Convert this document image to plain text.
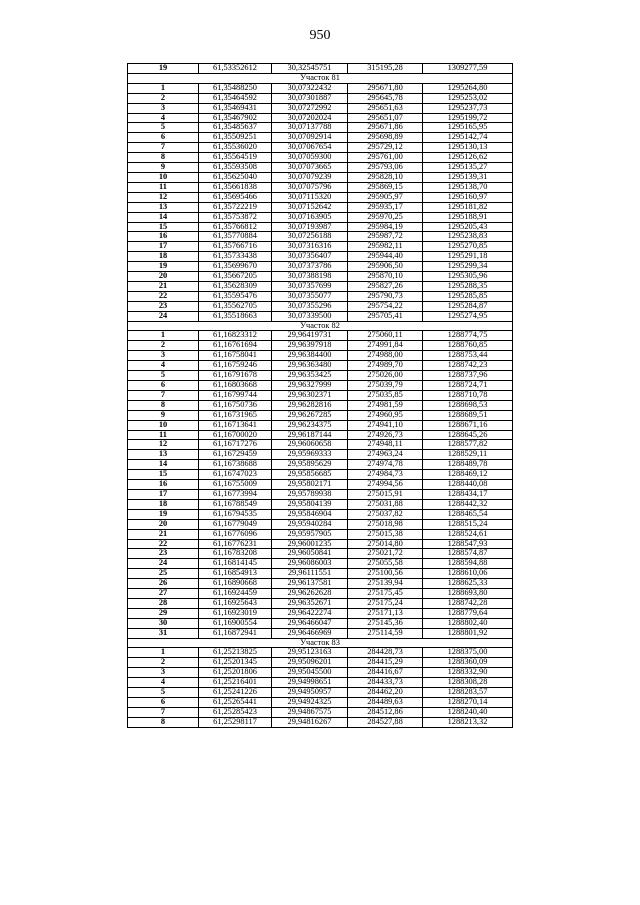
950
19	61,53352612	30,32545751	315195,28	1309277,59
Участок 81				
1	61,35488250	30,07322432	295671,80	1295264,80
2	61,35464592	30,07301887	295645,78	1295253,02
3	61,35469431	30,07272992	295651,63	1295237,73
4	61,35467902	30,07202024	295651,07	1295199,72
5	61,35485637	30,07137788	295671,86	1295165,95
6	61,35509251	30,07092914	295698,89	1295142,74
7	61,35536020	30,07067654	295729,12	1295130,13
8	61,35564519	30,07059300	295761,00	1295126,62
9	61,35593508	30,07073665	295793,06	1295135,27
10	61,35625040	30,07079239	295828,10	1295139,31
11	61,35661838	30,07075796	295869,15	1295138,70
12	61,35695466	30,07115320	295905,97	1295160,97
13	61,35722219	30,07152642	295935,17	1295181,82
14	61,35753872	30,07163905	295970,25	1295188,91
15	61,35766812	30,07193987	295984,19	1295205,43
16	61,35770884	30,07256188	295987,72	1295238,83
17	61,35766716	30,07316316	295982,11	1295270,85
18	61,35733438	30,07356407	295944,40	1295291,18
19	61,35699670	30,07373786	295906,50	1295299,34
20	61,35667205	30,07388198	295870,10	1295305,96
21	61,35628309	30,07357699	295827,26	1295288,35
22	61,35595476	30,07355077	295790,73	1295285,85
23	61,35562705	30,07355296	295754,22	1295284,87
24	61,35518663	30,07339500	295705,41	1295274,95
Участок 82				
1	61,16823312	29,96419731	275060,11	1288774,75
2	61,16761694	29,96397918	274991,84	1288760,85
3	61,16758041	29,96384400	274988,00	1288753,44
4	61,16759246	29,96363480	274989,70	1288742,23
5	61,16791678	29,96353425	275026,00	1288737,96
6	61,16803668	29,96327999	275039,79	1288724,71
7	61,16799744	29,96302371	275035,85	1288710,78
8	61,16750736	29,96282816	274981,59	1288698,53
9	61,16731965	29,96267285	274960,95	1288689,51
10	61,16713641	29,96234375	274941,10	1288671,16
11	61,16700020	29,96187144	274926,73	1288645,26
12	61,16717276	29,96060658	274948,11	1288577,82
13	61,16729459	29,95969333	274963,24	1288529,11
14	61,16738688	29,95895629	274974,78	1288489,78
15	61,16747023	29,95856685	274984,73	1288469,12
16	61,16755009	29,95802171	274994,56	1288440,08
17	61,16773994	29,95789938	275015,91	1288434,17
18	61,16788549	29,95804139	275031,88	1288442,32
19	61,16794535	29,95846904	275037,82	1288465,54
20	61,16779049	29,95940284	275018,98	1288515,24
21	61,16776096	29,95957905	275015,38	1288524,61
22	61,16776231	29,96001235	275014,80	1288547,93
23	61,16783208	29,96050841	275021,72	1288574,87
24	61,16814145	29,96086003	275055,58	1288594,88
25	61,16854913	29,96111551	275100,56	1288610,06
26	61,16890668	29,96137581	275139,94	1288625,33
27	61,16924459	29,96262628	275175,45	1288693,80
28	61,16925643	29,96352671	275175,24	1288742,28
29	61,16923019	29,96422274	275171,13	1288779,64
30	61,16900554	29,96466047	275145,36	1288802,40
31	61,16872941	29,96466969	275114,59	1288801,92
Участок 83				
1	61,25213825	29,95123163	284428,73	1288375,00
2	61,25201345	29,95096201	284415,29	1288360,09
3	61,25201806	29,95045500	284416,67	1288332,90
4	61,25216401	29,94998651	284433,73	1288308,28
5	61,25241226	29,94950957	284462,20	1288283,57
6	61,25265441	29,94924325	284489,63	1288270,14
7	61,25285423	29,94867575	284512,86	1288240,40
8	61,25298117	29,94816267	284527,88	1288213,32
